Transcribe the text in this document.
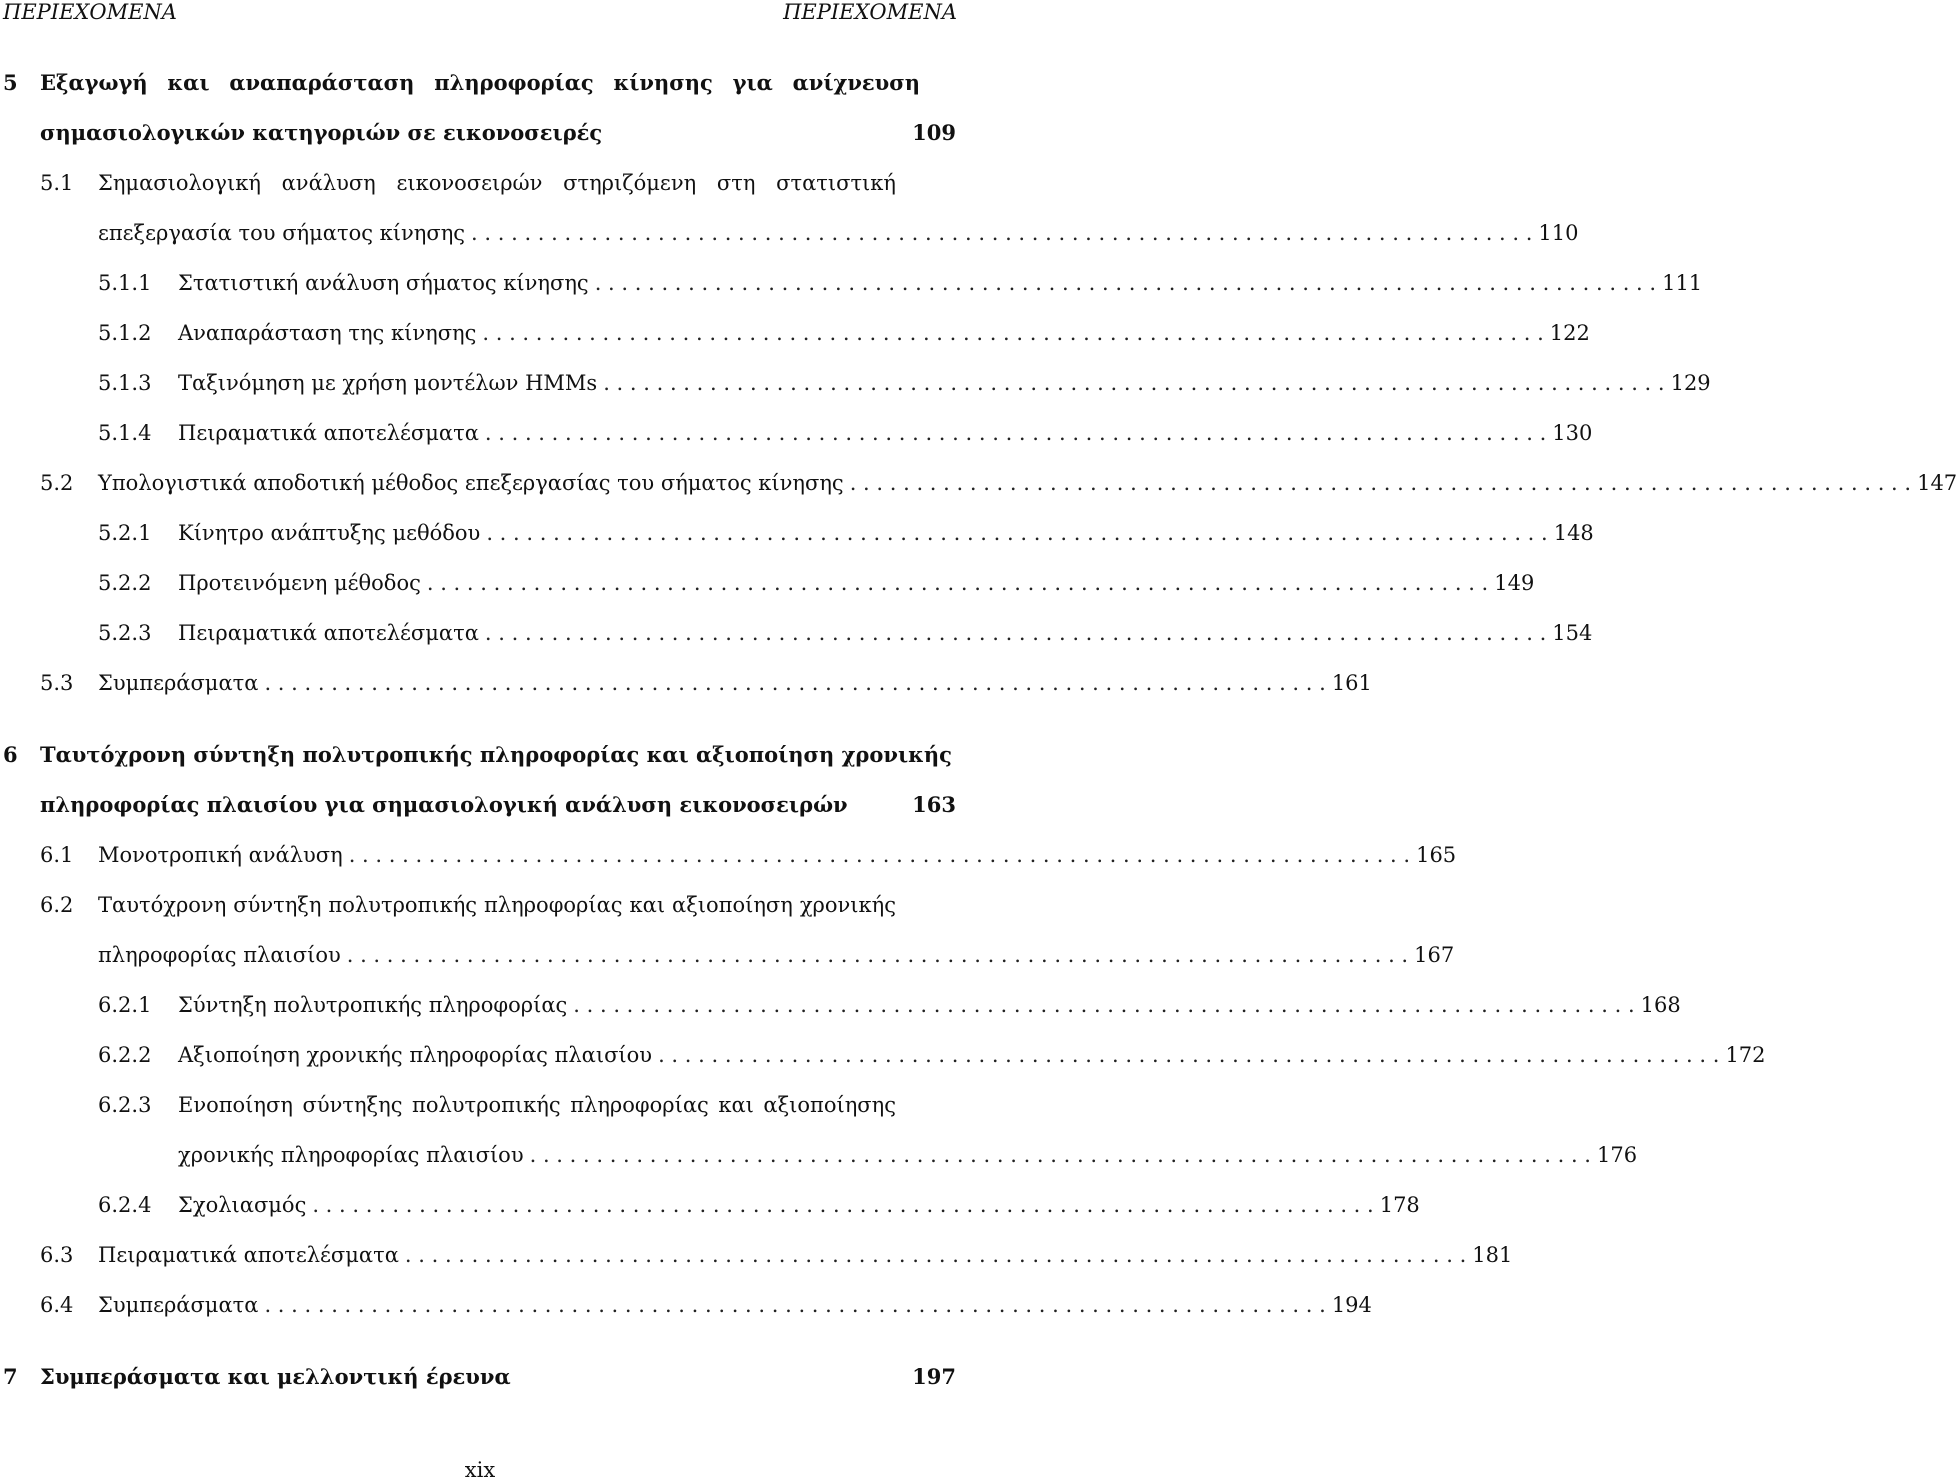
ΠΕΡΙΕΧΟΜΕΝΑ	ΠΕΡΙΕΧΟΜΕΝΑ
5 Εξαγωγή και αναπαράσταση πληροφορίας κίνησης για ανίχνευση
σημασιολογικών κατηγοριών σε εικονοσειρές	109
5.1 Σημασιολογική ανάλυση εικονοσειρών στηριζόμενη στη στατιστική
επεξεργασία του σήματος κίνησης . . . . . . . . . . . . . . . . . . . . . . . . . . . . . . . . . . . . . . . . . . . . . . . . . . . . . . . . . . . . . . . . . . . . . . . . . . . . . . . . 110
5.1.1 Στατιστική ανάλυση σήματος κίνησης . . . . . . . . . . . . . . . . . . . . . . . . . . . . . . . . . . . . . . . . . . . . . . . . . . . . . . . . . . . . . . . . . . . . . . . . . . . . . . . . 111
5.1.2 Αναπαράσταση της κίνησης . . . . . . . . . . . . . . . . . . . . . . . . . . . . . . . . . . . . . . . . . . . . . . . . . . . . . . . . . . . . . . . . . . . . . . . . . . . . . . . . 122
5.1.3 Ταξινόμηση με χρήση μοντέλων HMMs . . . . . . . . . . . . . . . . . . . . . . . . . . . . . . . . . . . . . . . . . . . . . . . . . . . . . . . . . . . . . . . . . . . . . . . . . . . . . . . . 129
5.1.4 Πειραματικά αποτελέσματα . . . . . . . . . . . . . . . . . . . . . . . . . . . . . . . . . . . . . . . . . . . . . . . . . . . . . . . . . . . . . . . . . . . . . . . . . . . . . . . . 130
5.2 Υπολογιστικά αποδοτική μέθοδος επεξεργασίας του σήματος κίνησης . . . . . . . . . . . . . . . . . . . . . . . . . . . . . . . . . . . . . . . . . . . . . . . . . . . . . . . . . . . . . . . . . . . . . . . . . . . . . . . . 147
5.2.1 Κίνητρο ανάπτυξης μεθόδου . . . . . . . . . . . . . . . . . . . . . . . . . . . . . . . . . . . . . . . . . . . . . . . . . . . . . . . . . . . . . . . . . . . . . . . . . . . . . . . . 148
5.2.2 Προτεινόμενη μέθοδος . . . . . . . . . . . . . . . . . . . . . . . . . . . . . . . . . . . . . . . . . . . . . . . . . . . . . . . . . . . . . . . . . . . . . . . . . . . . . . . . 149
5.2.3 Πειραματικά αποτελέσματα . . . . . . . . . . . . . . . . . . . . . . . . . . . . . . . . . . . . . . . . . . . . . . . . . . . . . . . . . . . . . . . . . . . . . . . . . . . . . . . . 154
5.3 Συμπεράσματα . . . . . . . . . . . . . . . . . . . . . . . . . . . . . . . . . . . . . . . . . . . . . . . . . . . . . . . . . . . . . . . . . . . . . . . . . . . . . . . . 161
6 Ταυτόχρονη σύντηξη πολυτροπικής πληροφορίας και αξιοποίηση χρονικής
πληροφορίας πλαισίου για σημασιολογική ανάλυση εικονοσειρών	163
6.1 Μονοτροπική ανάλυση . . . . . . . . . . . . . . . . . . . . . . . . . . . . . . . . . . . . . . . . . . . . . . . . . . . . . . . . . . . . . . . . . . . . . . . . . . . . . . . . 165
6.2 Ταυτόχρονη σύντηξη πολυτροπικής πληροφορίας και αξιοποίηση χρονικής
πληροφορίας πλαισίου . . . . . . . . . . . . . . . . . . . . . . . . . . . . . . . . . . . . . . . . . . . . . . . . . . . . . . . . . . . . . . . . . . . . . . . . . . . . . . . . 167
6.2.1 Σύντηξη πολυτροπικής πληροφορίας . . . . . . . . . . . . . . . . . . . . . . . . . . . . . . . . . . . . . . . . . . . . . . . . . . . . . . . . . . . . . . . . . . . . . . . . . . . . . . . . 168
6.2.2 Αξιοποίηση χρονικής πληροφορίας πλαισίου . . . . . . . . . . . . . . . . . . . . . . . . . . . . . . . . . . . . . . . . . . . . . . . . . . . . . . . . . . . . . . . . . . . . . . . . . . . . . . . . 172
6.2.3 Ενοποίηση σύντηξης πολυτροπικής πληροφορίας και αξιοποίησης
χρονικής πληροφορίας πλαισίου . . . . . . . . . . . . . . . . . . . . . . . . . . . . . . . . . . . . . . . . . . . . . . . . . . . . . . . . . . . . . . . . . . . . . . . . . . . . . . . . 176
6.2.4 Σχολιασμός . . . . . . . . . . . . . . . . . . . . . . . . . . . . . . . . . . . . . . . . . . . . . . . . . . . . . . . . . . . . . . . . . . . . . . . . . . . . . . . . 178
6.3 Πειραματικά αποτελέσματα . . . . . . . . . . . . . . . . . . . . . . . . . . . . . . . . . . . . . . . . . . . . . . . . . . . . . . . . . . . . . . . . . . . . . . . . . . . . . . . . 181
6.4 Συμπεράσματα . . . . . . . . . . . . . . . . . . . . . . . . . . . . . . . . . . . . . . . . . . . . . . . . . . . . . . . . . . . . . . . . . . . . . . . . . . . . . . . . 194
7 Συμπεράσματα και μελλοντική έρευνα	197
xix
